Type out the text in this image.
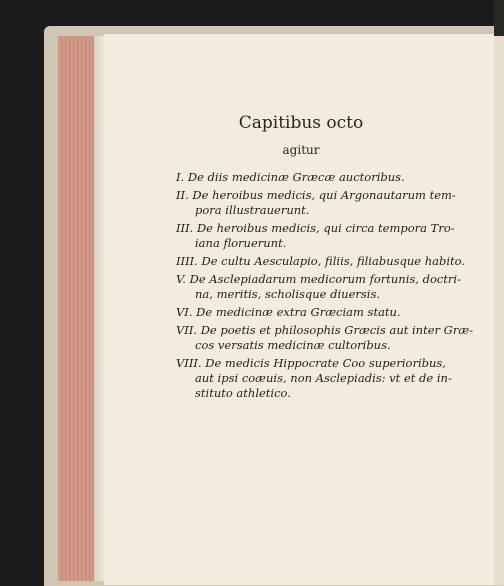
Capitibus octo
agitur
I. De diis medicinæ Græcæ auctoribus.
II. De heroibus medicis, qui Argonautarum tem-
pora illustrauerunt.
III. De heroibus medicis, qui circa tempora Tro-
iana floruerunt.
IIII. De cultu Aesculapio, filiis, filiabusque habito.
V. De Asclepiadarum medicorum fortunis, doctri-
na, meritis, scholisque diuersis.
VI. De medicinæ extra Græciam statu.
VII. De poetis et philosophis Græcis aut inter Græ-
cos versatis medicinæ cultoribus.
VIII. De medicis Hippocrate Coo superioribus,
aut ipsi coæuis, non Asclepiadis: vt et de in-
stituto athletico.
